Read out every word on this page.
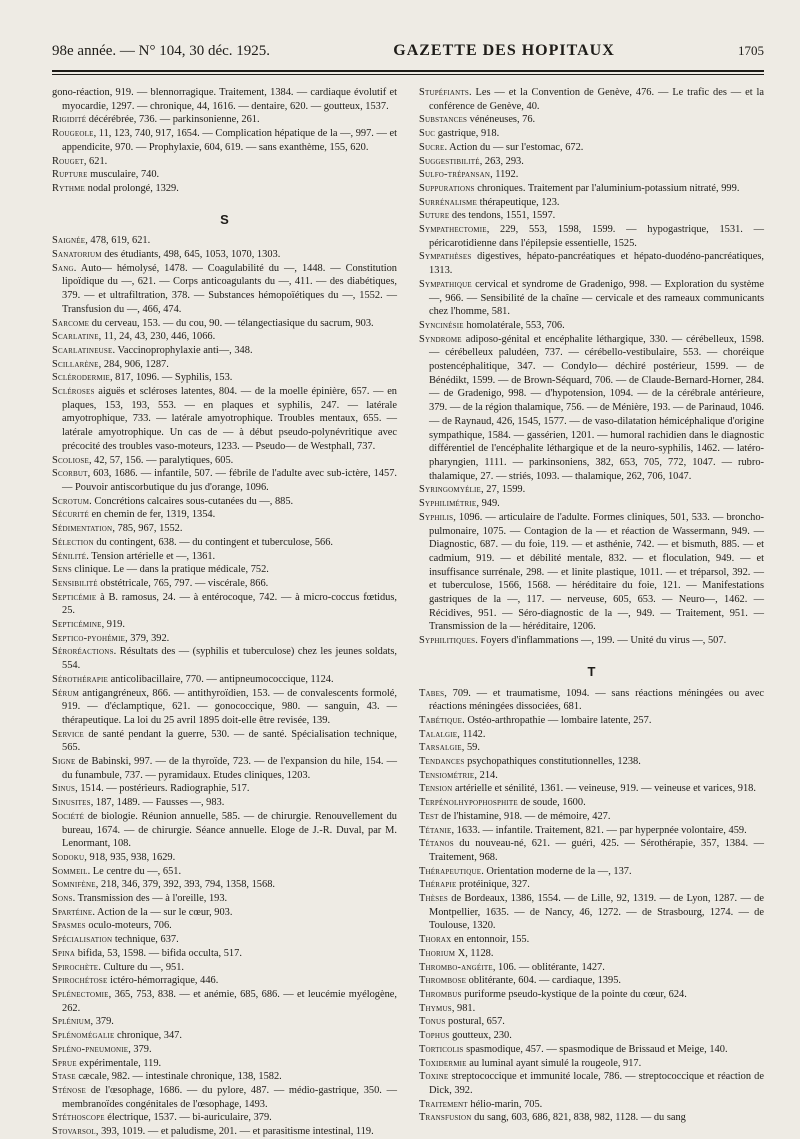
98e année. — N° 104, 30 déc. 1925.	GAZETTE DES HOPITAUX	1705

gono-réaction, 919. — blennorragique. Traitement, 1384. — cardiaque évolutif et myocardie, 1297. — chronique, 44, 1616. — dentaire, 620. — goutteux, 1537.

Rigidité décérébrée, 736. — parkinsonienne, 261.

Rougeole, 11, 123, 740, 917, 1654. — Complication hépatique de la —, 997. — et appendicite, 970. — Prophylaxie, 604, 619. — sans exanthème, 155, 620.

Rouget, 621.

Rupture musculaire, 740.

Rythme nodal prolongé, 1329.

S

Saignée, 478, 619, 621.

Sanatorium des étudiants, 498, 645, 1053, 1070, 1303.

Sang. Auto— hémolysé, 1478. — Coagulabilité du —, 1448. — Constitution lipoïdique du —, 621. — Corps anticoagulants du —, 411. — des diabétiques, 379. — et ultrafiltration, 378. — Substances hémopoïétiques du —, 1552. — Transfusion du —, 466, 474.

Sarcome du cerveau, 153. — du cou, 90. — télangectiasique du sacrum, 903.

Scarlatine, 11, 24, 43, 230, 446, 1066.

Scarlatineuse. Vaccinoprophylaxie anti—, 348.

Scillarène, 284, 906, 1287.

Sclérodermie, 817, 1096. — Syphilis, 153.

Scléroses aiguës et scléroses latentes, 804. — de la moelle épinière, 657. — en plaques, 153, 193, 553. — en plaques et syphilis, 247. — latérale amyotrophique, 733. — latérale amyotrophique. Troubles mentaux, 655. — latérale amyotrophique. Un cas de — à début pseudo-polynévritique avec précocité des troubles vaso-moteurs, 1233. — Pseudo— de Westphall, 737.

Scoliose, 42, 57, 156. — paralytiques, 605.

Scorbut, 603, 1686. — infantile, 507. — fébrile de l'adulte avec sub-ictère, 1457. — Pouvoir antiscorbutique du jus d'orange, 1096.

Scrotum. Concrétions calcaires sous-cutanées du —, 885.

Sécurité en chemin de fer, 1319, 1354.

Sédimentation, 785, 967, 1552.

Sélection du contingent, 638. — du contingent et tuberculose, 566.

Sénilité. Tension artérielle et —, 1361.

Sens clinique. Le — dans la pratique médicale, 752.

Sensibilité obstétricale, 765, 797. — viscérale, 866.

Septicémie à B. ramosus, 24. — à entérocoque, 742. — à micro-coccus fœtidus, 25.

Septicémine, 919.

Septico-pyohémie, 379, 392.

Séroréactions. Résultats des — (syphilis et tuberculose) chez les jeunes soldats, 554.

Sérothérapie anticolibacillaire, 770. — antipneumococcique, 1124.

Sérum antigangréneux, 866. — antithyroïdien, 153. — de convalescents formolé, 919. — d'éclamptique, 621. — gonococcique, 980. — sanguin, 43. — thérapeutique. La loi du 25 avril 1895 doit-elle être revisée, 139.

Service de santé pendant la guerre, 530. — de santé. Spécialisation technique, 565.

Signe de Babinski, 997. — de la thyroïde, 723. — de l'expansion du hile, 154. — du funambule, 737. — pyramidaux. Etudes cliniques, 1203.

Sinus, 1514. — postérieurs. Radiographie, 517.

Sinusites, 187, 1489. — Fausses —, 983.

Société de biologie. Réunion annuelle, 585. — de chirurgie. Renouvellement du bureau, 1674. — de chirurgie. Séance annuelle. Eloge de J.-R. Duval, par M. Lenormant, 108.

Sodoku, 918, 935, 938, 1629.

Sommeil. Le centre du —, 651.

Somnifène, 218, 346, 379, 392, 393, 794, 1358, 1568.

Sons. Transmission des — à l'oreille, 193.

Spartéine. Action de la — sur le cœur, 903.

Spasmes oculo-moteurs, 706.

Spécialisation technique, 637.

Spina bifida, 53, 1598. — bifida occulta, 517.

Spirochète. Culture du —, 951.

Spirochétose ictéro-hémorragique, 446.

Splénectomie, 365, 753, 838. — et anémie, 685, 686. — et leucémie myélogène, 262.

Splénium, 379.

Splénomégalie chronique, 347.

Spléno-pneumonie, 379.

Sprue expérimentale, 119.

Stase cæcale, 982. — intestinale chronique, 138, 1582.

Sténose de l'œsophage, 1686. — du pylore, 487. — médio-gastrique, 350. — membranoïdes congénitales de l'œsophage, 1493.

Stéthoscope électrique, 1537. — bi-auriculaire, 379.

Stovarsol, 393, 1019. — et paludisme, 201. — et parasitisme intestinal, 119.

Stupéfiants. Les — et la Convention de Genève, 476. — Le trafic des — et la conférence de Genève, 40.

Substances vénéneuses, 76.

Suc gastrique, 918.

Sucre. Action du — sur l'estomac, 672.

Suggestibilité, 263, 293.

Sulfo-trépansan, 1192.

Suppurations chroniques. Traitement par l'aluminium-potassium nitraté, 999.

Surrénalisme thérapeutique, 123.

Suture des tendons, 1551, 1597.

Sympathectomie, 229, 553, 1598, 1599. — hypogastrique, 1531. — péricarotidienne dans l'épilepsie essentielle, 1525.

Sympathèses digestives, hépato-pancréatiques et hépato-duodéno-pancréatiques, 1313.

Sympathique cervical et syndrome de Gradenigo, 998. — Exploration du système —, 966. — Sensibilité de la chaîne — cervicale et des rameaux communicants chez l'homme, 581.

Syncinésie homolatérale, 553, 706.

Syndrome adiposo-génital et encéphalite léthargique, 330. — cérébelleux, 1598. — cérébelleux paludéen, 737. — cérébello-vestibulaire, 553. — choréique postencéphalitique, 347. — Condylo— déchiré postérieur, 1599. — de Bénédikt, 1599. — de Brown-Séquard, 706. — de Claude-Bernard-Horner, 284. — de Gradenigo, 998. — d'hypotension, 1094. — de la cérébrale antérieure, 379. — de la région thalamique, 756. — de Ménière, 193. — de Parinaud, 1046. — de Raynaud, 426, 1545, 1577. — de vaso-dilatation hémicéphalique d'origine sympathique, 1584. — gassérien, 1201. — humoral rachidien dans le diagnostic différentiel de l'encéphalite léthargique et de la neuro-syphilis, 1462. — latéro-pharyngien, 1111. — parkinsoniens, 382, 653, 705, 772, 1047. — rubro-thalamique, 27. — striés, 1093. — thalamique, 262, 706, 1047.

Syringomyélie, 27, 1599.

Syphilimétrie, 949.

Syphilis, 1096. — articulaire de l'adulte. Formes cliniques, 501, 533. — broncho-pulmonaire, 1075. — Contagion de la — et réaction de Wassermann, 949. — Diagnostic, 687. — du foie, 119. — et asthénie, 742. — et bismuth, 885. — et cadmium, 919. — et débilité mentale, 832. — et floculation, 949. — et insuffisance surrénale, 298. — et linite plastique, 1011. — et tréparsol, 392. — et tuberculose, 1566, 1568. — héréditaire du foie, 121. — Manifestations gastriques de la —, 117. — nerveuse, 605, 653. — Neuro—, 1462. — Récidives, 951. — Séro-diagnostic de la —, 949. — Traitement, 951. — Transmission de la — héréditaire, 1206.

Syphilitiques. Foyers d'inflammations —, 199. — Unité du virus —, 507.

T

Tabes, 709. — et traumatisme, 1094. — sans réactions méningées ou avec réactions méningées dissociées, 681.

Tabétique. Ostéo-arthropathie — lombaire latente, 257.

Talalgie, 1142.

Tarsalgie, 59.

Tendances psychopathiques constitutionnelles, 1238.

Tensiométrie, 214.

Tension artérielle et sénilité, 1361. — veineuse, 919. — veineuse et varices, 918.

Terpénolhypophosphite de soude, 1600.

Test de l'histamine, 918. — de mémoire, 427.

Tétanie, 1633. — infantile. Traitement, 821. — par hyperpnée volontaire, 459.

Tétanos du nouveau-né, 621. — guéri, 425. — Sérothérapie, 357, 1384. — Traitement, 968.

Thérapeutique. Orientation moderne de la —, 137.

Thérapie protéinique, 327.

Thèses de Bordeaux, 1386, 1554. — de Lille, 92, 1319. — de Lyon, 1287. — de Montpellier, 1635. — de Nancy, 46, 1272. — de Strasbourg, 1274. — de Toulouse, 1320.

Thorax en entonnoir, 155.

Thorium X, 1128.

Thrombo-angéite, 106. — oblitérante, 1427.

Thrombose oblitérante, 604. — cardiaque, 1395.

Thrombus puriforme pseudo-kystique de la pointe du cœur, 624.

Thymus, 981.

Tonus postural, 657.

Tophus goutteux, 230.

Torticolis spasmodique, 457. — spasmodique de Brissaud et Meige, 140.

Toxidermie au luminal ayant simulé la rougeole, 917.

Toxine streptococcique et immunité locale, 786. — streptococcique et réaction de Dick, 392.

Traitement hélio-marin, 705.

Transfusion du sang, 603, 686, 821, 838, 982, 1128. — du sang
